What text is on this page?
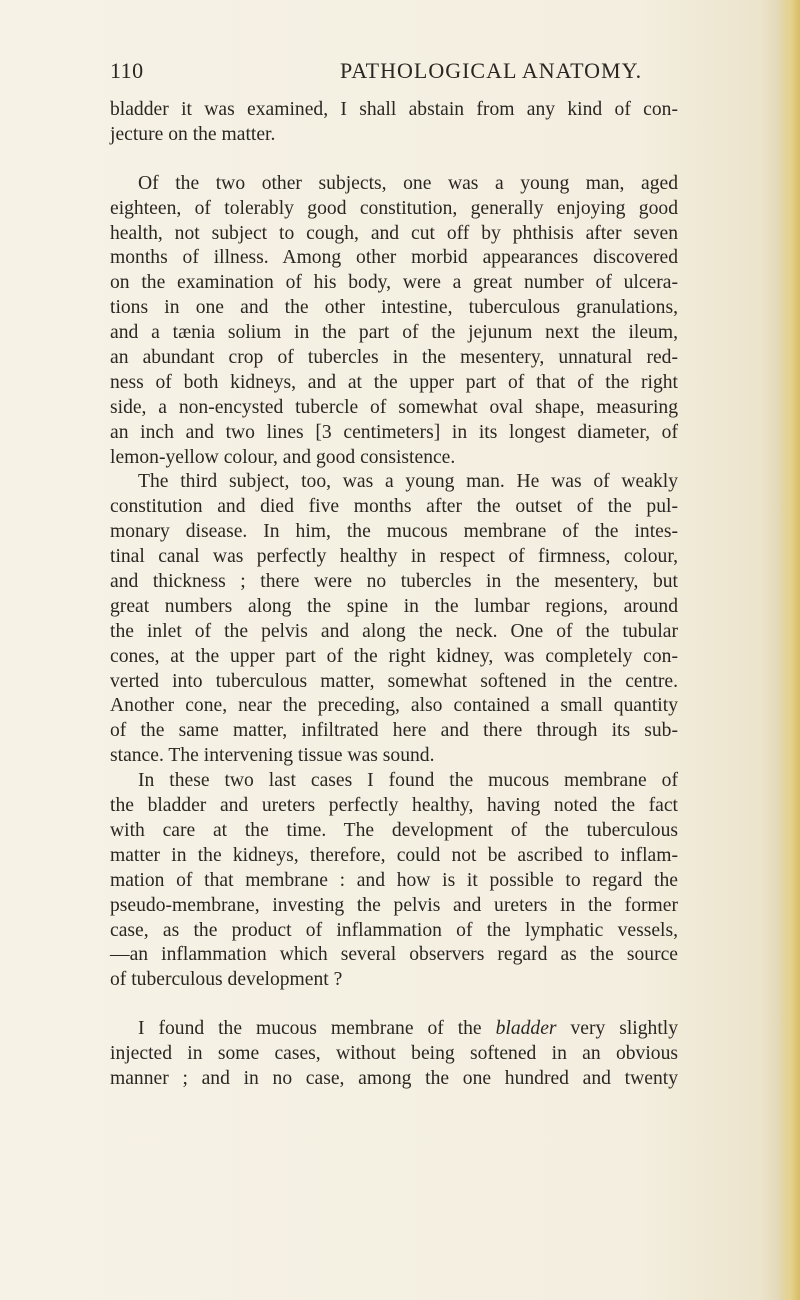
110	PATHOLOGICAL ANATOMY.
bladder it was examined, I shall abstain from any kind of con-
jecture on the matter.
Of the two other subjects, one was a young man, aged
eighteen, of tolerably good constitution, generally enjoying good
health, not subject to cough, and cut off by phthisis after seven
months of illness. Among other morbid appearances discovered
on the examination of his body, were a great number of ulcera-
tions in one and the other intestine, tuberculous granulations,
and a tænia solium in the part of the jejunum next the ileum,
an abundant crop of tubercles in the mesentery, unnatural red-
ness of both kidneys, and at the upper part of that of the right
side, a non-encysted tubercle of somewhat oval shape, measuring
an inch and two lines [3 centimeters] in its longest diameter, of
lemon-yellow colour, and good consistence.
The third subject, too, was a young man. He was of weakly
constitution and died five months after the outset of the pul-
monary disease. In him, the mucous membrane of the intes-
tinal canal was perfectly healthy in respect of firmness, colour,
and thickness ; there were no tubercles in the mesentery, but
great numbers along the spine in the lumbar regions, around
the inlet of the pelvis and along the neck. One of the tubular
cones, at the upper part of the right kidney, was completely con-
verted into tuberculous matter, somewhat softened in the centre.
Another cone, near the preceding, also contained a small quantity
of the same matter, infiltrated here and there through its sub-
stance. The intervening tissue was sound.
In these two last cases I found the mucous membrane of
the bladder and ureters perfectly healthy, having noted the fact
with care at the time. The development of the tuberculous
matter in the kidneys, therefore, could not be ascribed to inflam-
mation of that membrane : and how is it possible to regard the
pseudo-membrane, investing the pelvis and ureters in the former
case, as the product of inflammation of the lymphatic vessels,
—an inflammation which several observers regard as the source
of tuberculous development ?
I found the mucous membrane of the bladder very slightly
injected in some cases, without being softened in an obvious
manner ; and in no case, among the one hundred and twenty
